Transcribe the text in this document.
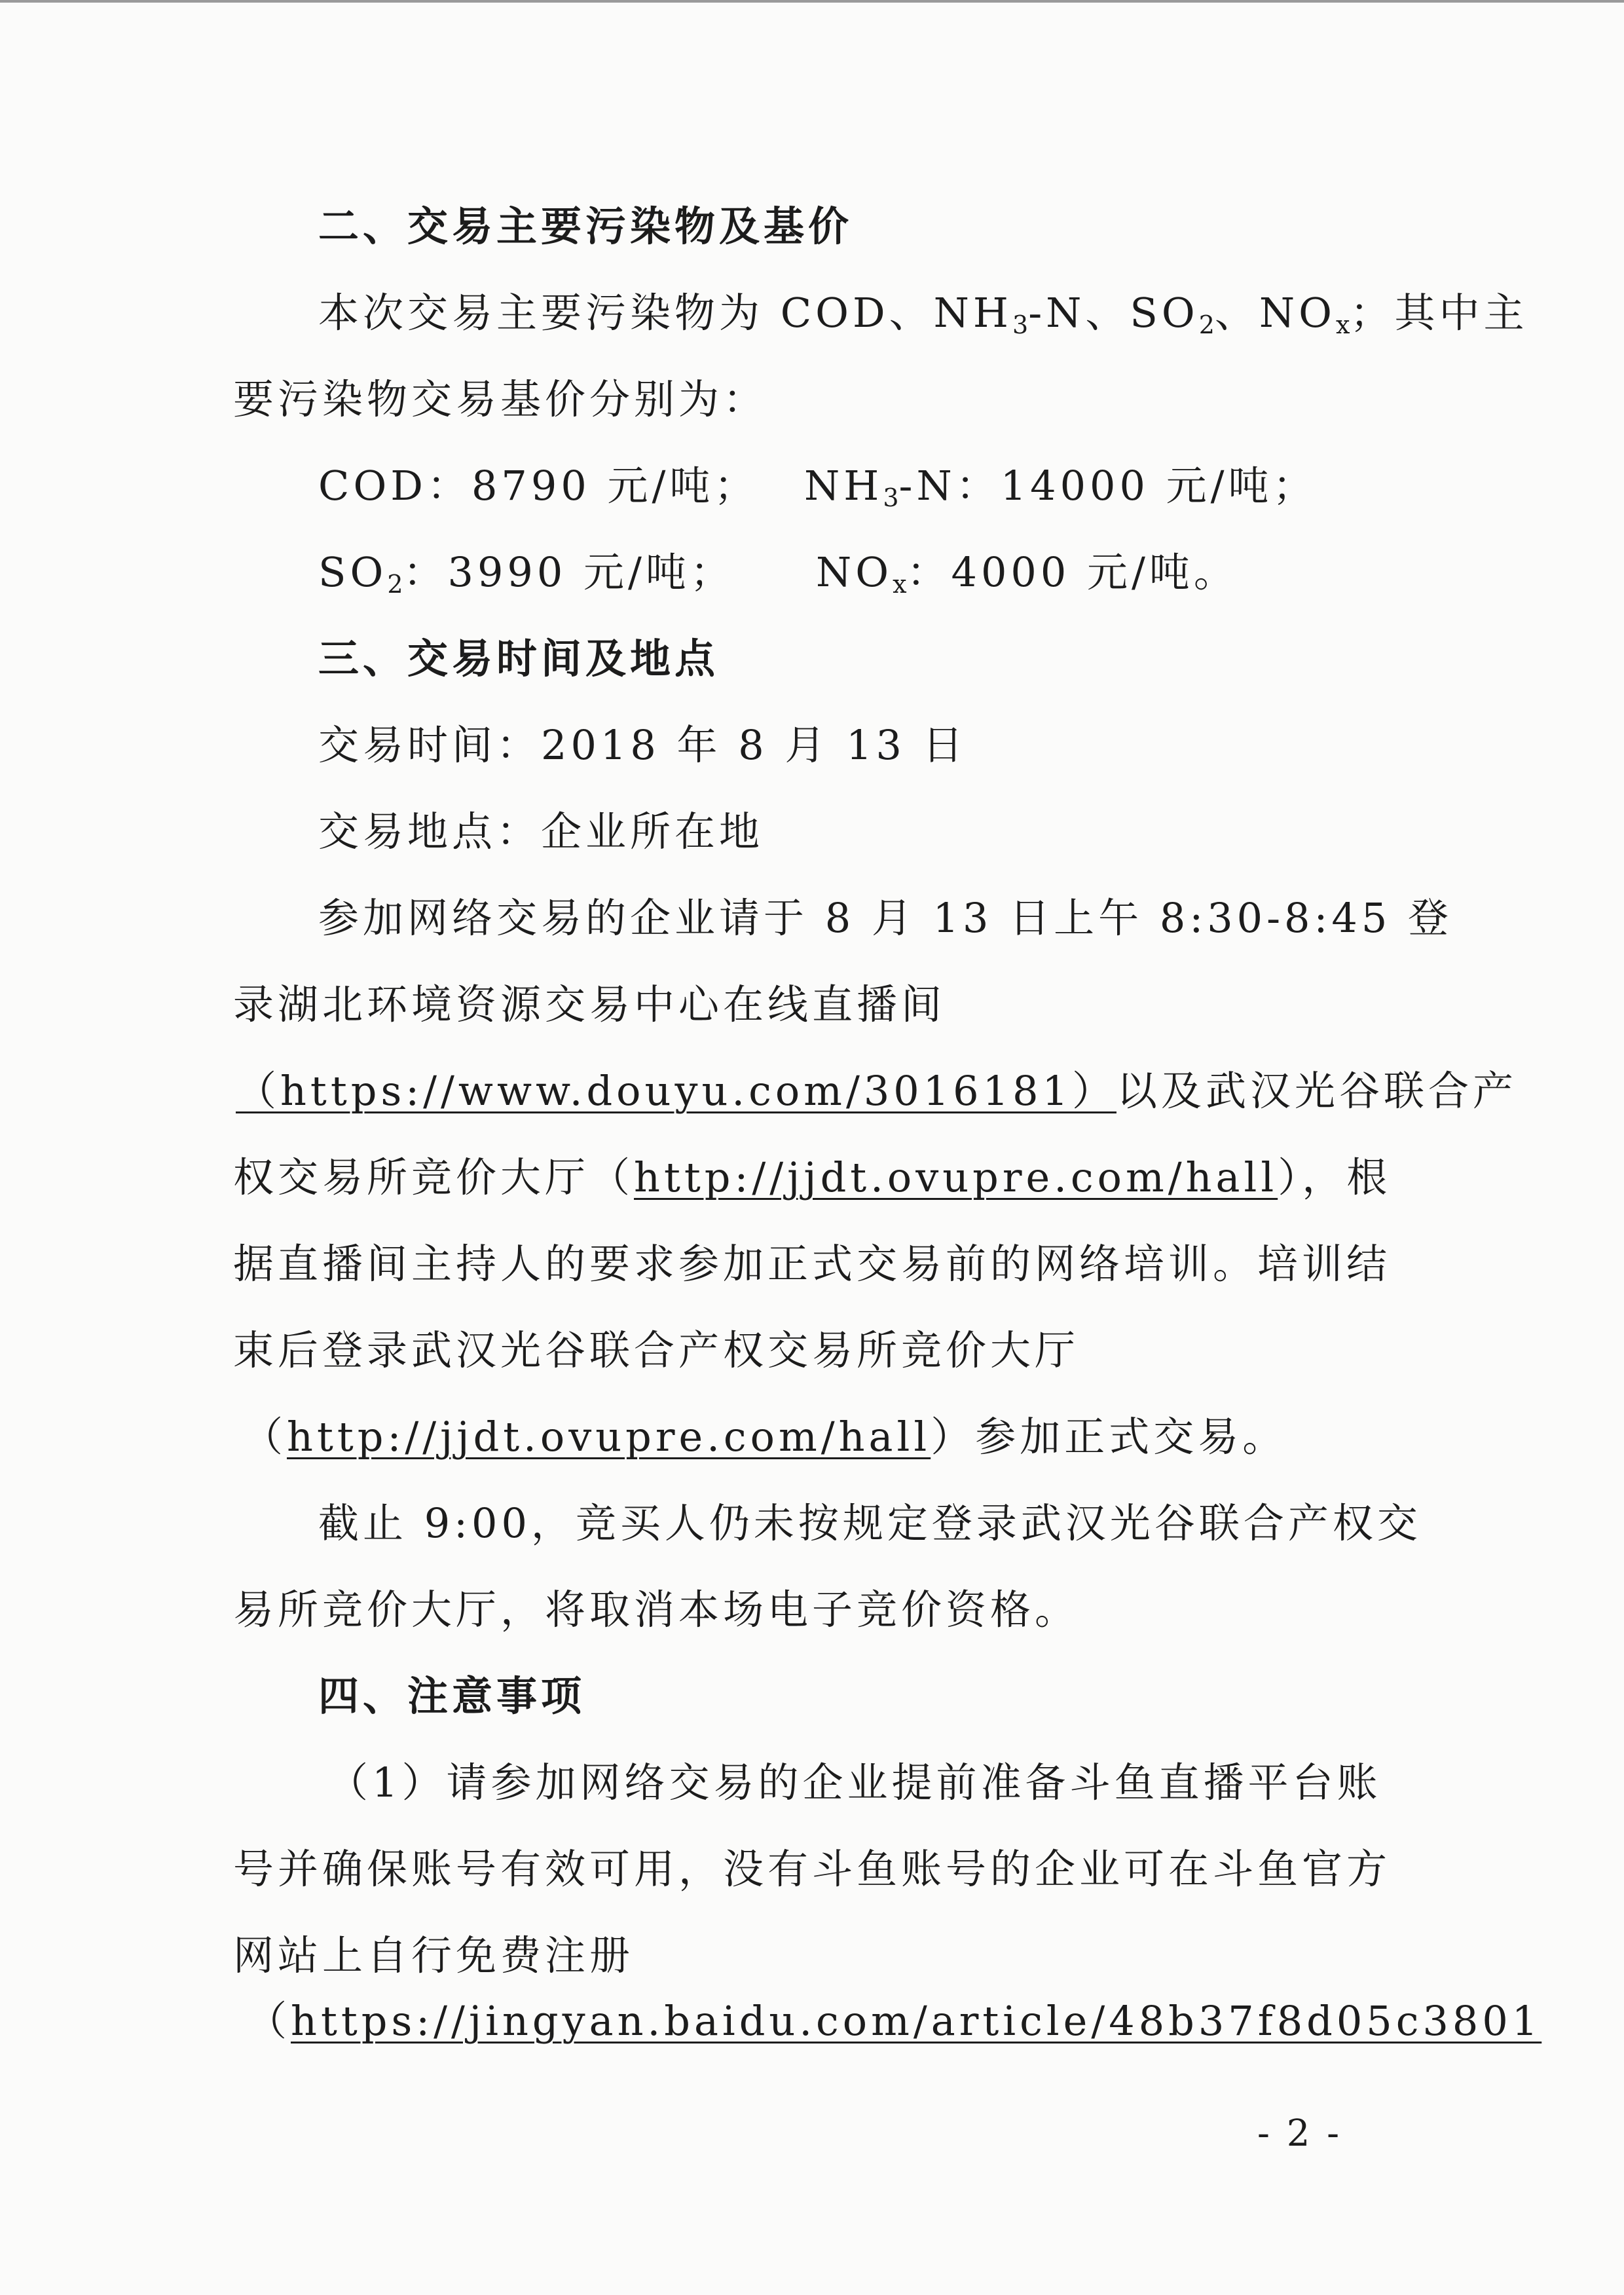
二、交易主要污染物及基价
本次交易主要污染物为 COD、$NH_3-N$、$SO_2$、$NO_x$；其中主
要污染物交易基价分别为：
COD：8790 元/吨； $NH_3-N$：14000 元/吨；
$SO_2$：3990 元/吨； $NO_x$：4000 元/吨。
三、交易时间及地点
交易时间：2018 年 8 月 13 日
交易地点：企业所在地
参加网络交易的企业请于 8 月 13 日上午 8:30-8:45 登
录湖北环境资源交易中心在线直播间
（https://www.douyu.com/3016181）以及武汉光谷联合产
权交易所竞价大厅（http://jjdt.ovupre.com/hall），根
据直播间主持人的要求参加正式交易前的网络培训。培训结
束后登录武汉光谷联合产权交易所竞价大厅
（http://jjdt.ovupre.com/hall）参加正式交易。
截止 9:00，竞买人仍未按规定登录武汉光谷联合产权交
易所竞价大厅，将取消本场电子竞价资格。
四、注意事项
（1）请参加网络交易的企业提前准备斗鱼直播平台账
号并确保账号有效可用，没有斗鱼账号的企业可在斗鱼官方
网站上自行免费注册
（https://jingyan.baidu.com/article/48b37f8d05c3801
- 2 -
